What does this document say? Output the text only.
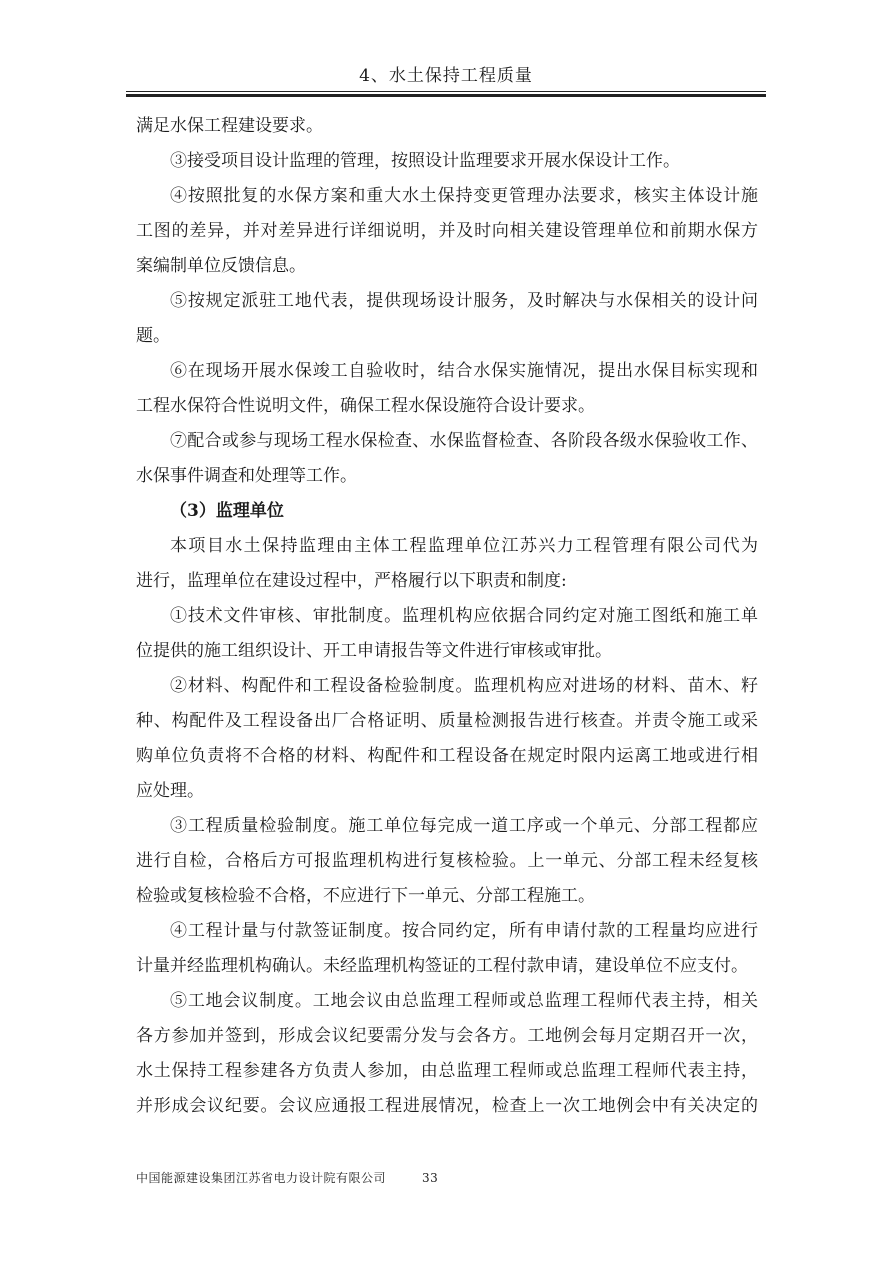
4、水土保持工程质量
满足水保工程建设要求。
③接受项目设计监理的管理，按照设计监理要求开展水保设计工作。
④按照批复的水保方案和重大水土保持变更管理办法要求，核实主体设计施
工图的差异，并对差异进行详细说明，并及时向相关建设管理单位和前期水保方
案编制单位反馈信息。
⑤按规定派驻工地代表，提供现场设计服务，及时解决与水保相关的设计问
题。
⑥在现场开展水保竣工自验收时，结合水保实施情况，提出水保目标实现和
工程水保符合性说明文件，确保工程水保设施符合设计要求。
⑦配合或参与现场工程水保检查、水保监督检查、各阶段各级水保验收工作、
水保事件调查和处理等工作。
（3）监理单位
本项目水土保持监理由主体工程监理单位江苏兴力工程管理有限公司代为
进行，监理单位在建设过程中，严格履行以下职责和制度:
①技术文件审核、审批制度。监理机构应依据合同约定对施工图纸和施工单
位提供的施工组织设计、开工申请报告等文件进行审核或审批。
②材料、构配件和工程设备检验制度。监理机构应对进场的材料、苗木、籽
种、构配件及工程设备出厂合格证明、质量检测报告进行核查。并责令施工或采
购单位负责将不合格的材料、构配件和工程设备在规定时限内运离工地或进行相
应处理。
③工程质量检验制度。施工单位每完成一道工序或一个单元、分部工程都应
进行自检，合格后方可报监理机构进行复核检验。上一单元、分部工程未经复核
检验或复核检验不合格，不应进行下一单元、分部工程施工。
④工程计量与付款签证制度。按合同约定，所有申请付款的工程量均应进行
计量并经监理机构确认。未经监理机构签证的工程付款申请，建设单位不应支付。
⑤工地会议制度。工地会议由总监理工程师或总监理工程师代表主持，相关
各方参加并签到，形成会议纪要需分发与会各方。工地例会每月定期召开一次，
水土保持工程参建各方负责人参加，由总监理工程师或总监理工程师代表主持，
并形成会议纪要。会议应通报工程进展情况，检查上一次工地例会中有关决定的
中国能源建设集团江苏省电力设计院有限公司	33
